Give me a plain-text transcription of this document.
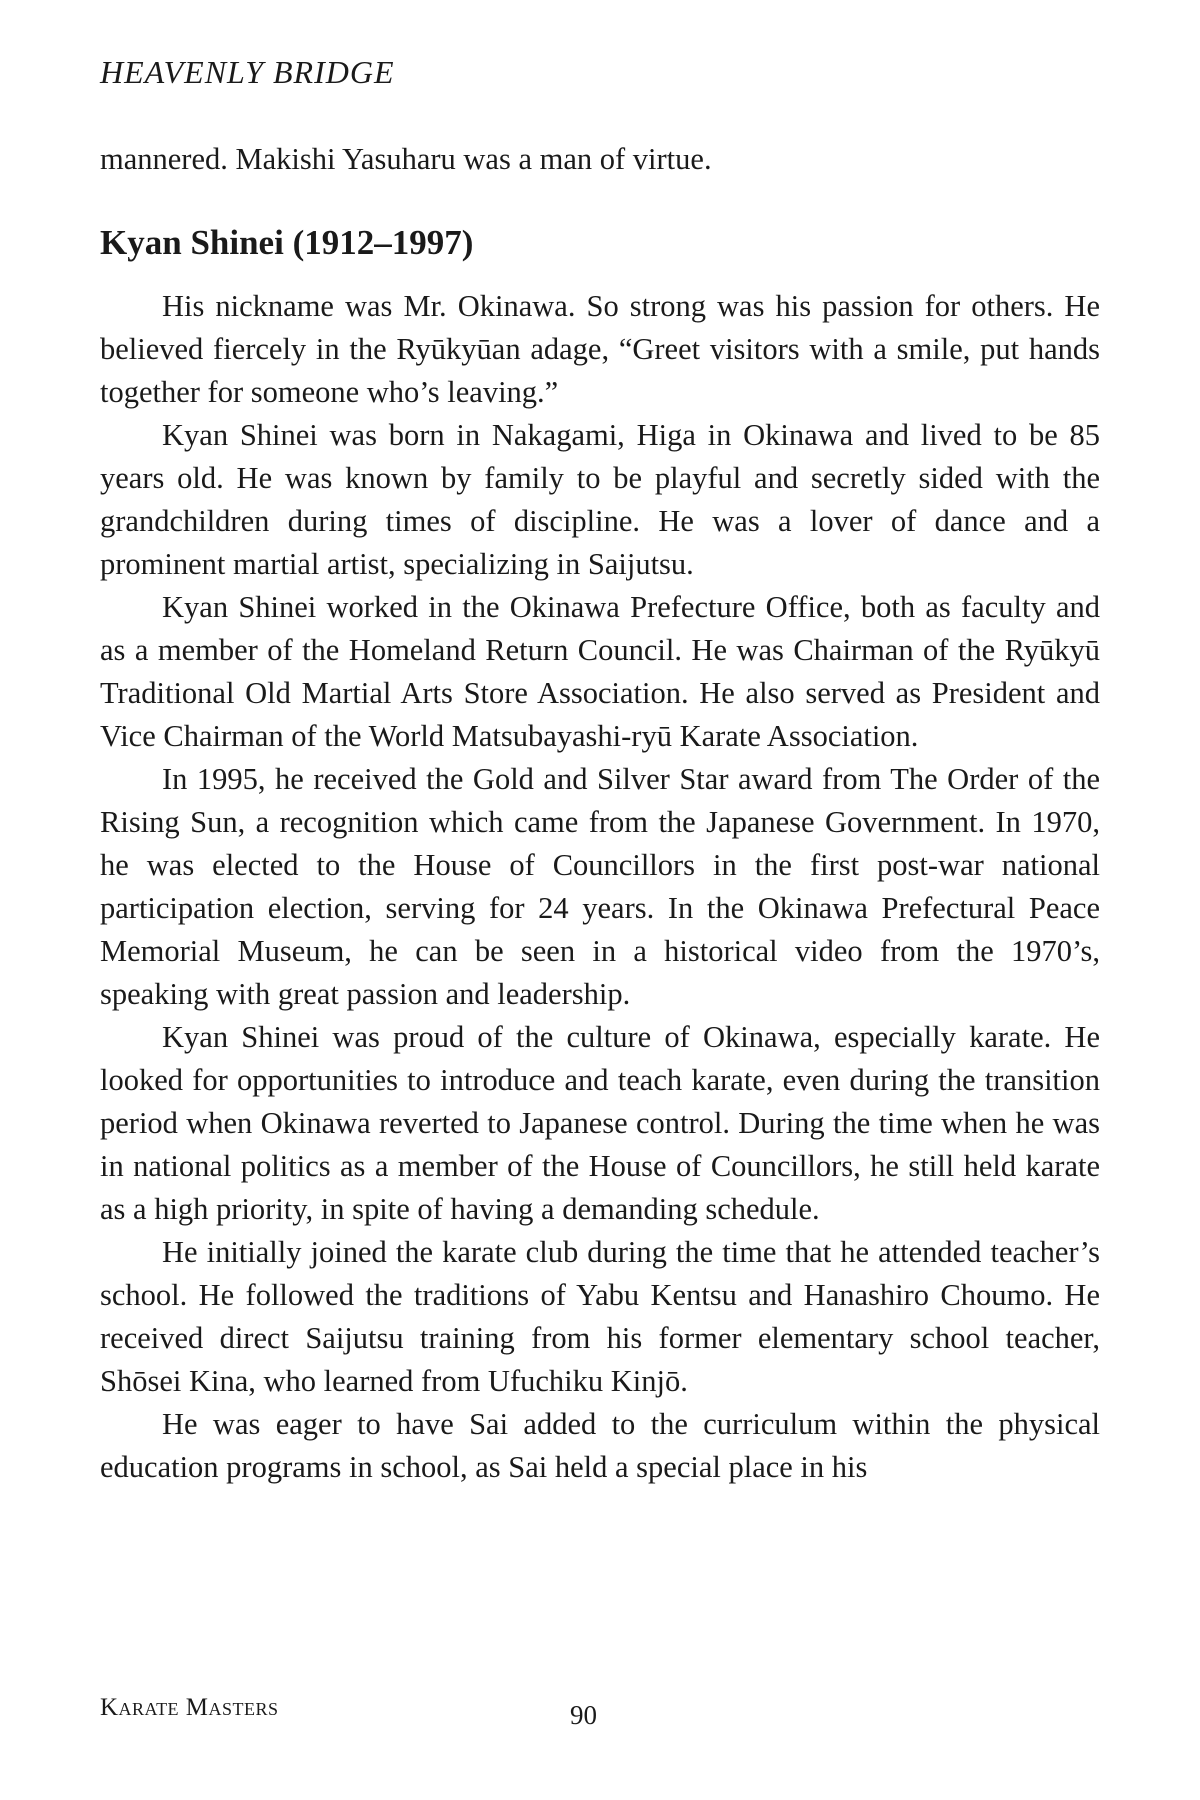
HEAVENLY BRIDGE

mannered. Makishi Yasuharu was a man of virtue.

Kyan Shinei (1912–1997)

His nickname was Mr. Okinawa. So strong was his passion for others. He believed fiercely in the Ryūkyūan adage, “Greet visitors with a smile, put hands together for someone who’s leaving.”

Kyan Shinei was born in Nakagami, Higa in Okinawa and lived to be 85 years old. He was known by family to be playful and secretly sided with the grandchildren during times of discipline. He was a lover of dance and a prominent martial artist, specializing in Saijutsu.

Kyan Shinei worked in the Okinawa Prefecture Office, both as faculty and as a member of the Homeland Return Council. He was Chairman of the Ryūkyū Traditional Old Martial Arts Store Association. He also served as President and Vice Chairman of the World Matsubayashi-ryū Karate Association.

In 1995, he received the Gold and Silver Star award from The Order of the Rising Sun, a recognition which came from the Japanese Government. In 1970, he was elected to the House of Councillors in the first post-war national participation election, serving for 24 years. In the Okinawa Prefectural Peace Memorial Museum, he can be seen in a historical video from the 1970’s, speaking with great passion and leadership.

Kyan Shinei was proud of the culture of Okinawa, especially karate. He looked for opportunities to introduce and teach karate, even during the transition period when Okinawa reverted to Japanese control. During the time when he was in national politics as a member of the House of Councillors, he still held karate as a high priority, in spite of having a demanding schedule.

He initially joined the karate club during the time that he attended teacher’s school. He followed the traditions of Yabu Kentsu and Hanashiro Choumo. He received direct Saijutsu training from his former elementary school teacher, Shōsei Kina, who learned from Ufuchiku Kinjō.

He was eager to have Sai added to the curriculum within the physical education programs in school, as Sai held a special place in his

Karate Masters	90
